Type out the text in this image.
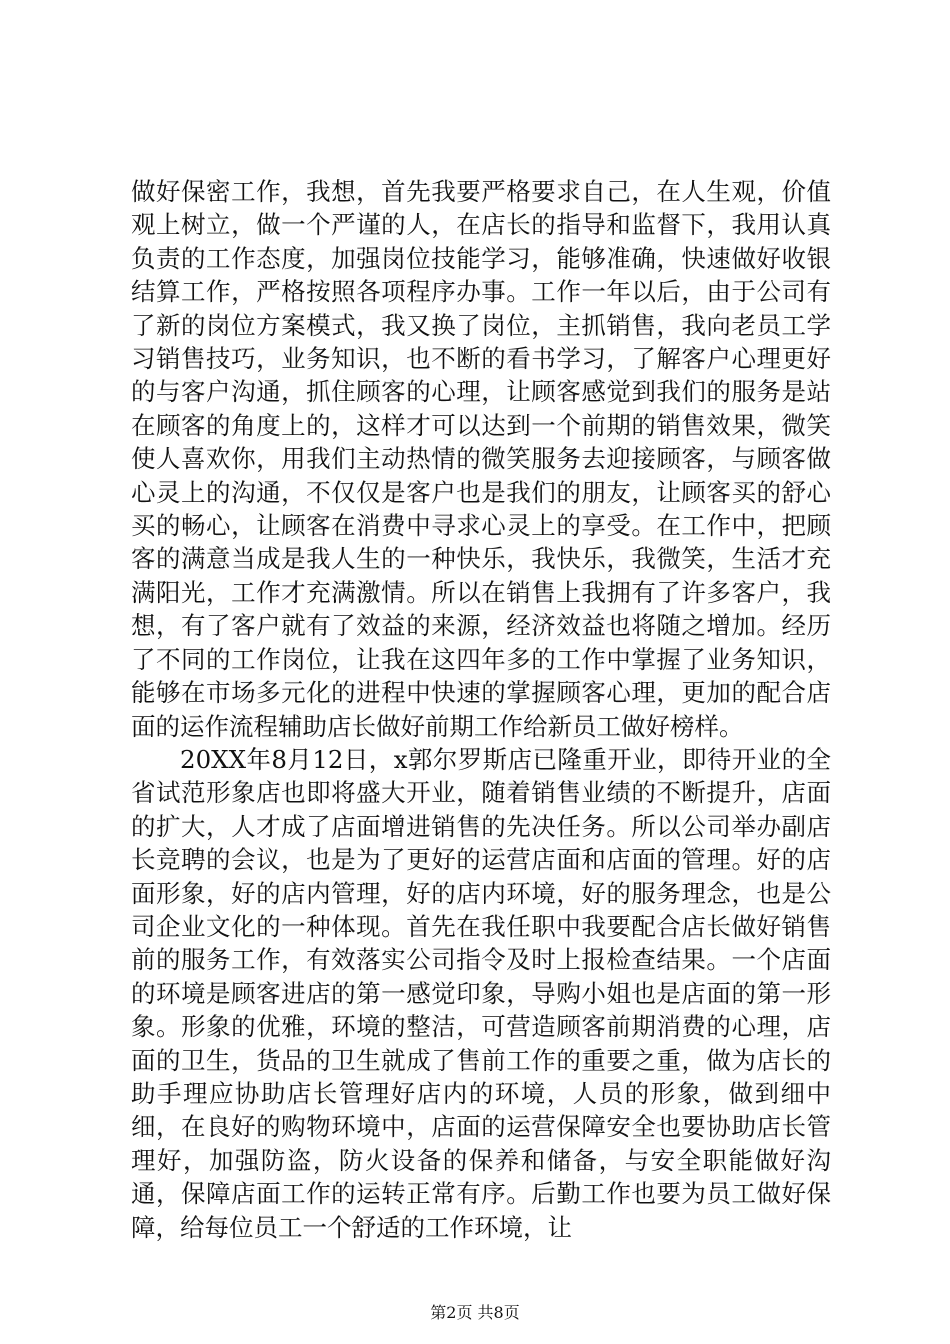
做好保密工作，我想，首先我要严格要求自己，在人生观，价值观上树立，做一个严谨的人，在店长的指导和监督下，我用认真负责的工作态度，加强岗位技能学习，能够准确，快速做好收银结算工作，严格按照各项程序办事。工作一年以后，由于公司有了新的岗位方案模式，我又换了岗位，主抓销售，我向老员工学习销售技巧，业务知识，也不断的看书学习，了解客户心理更好的与客户沟通，抓住顾客的心理，让顾客感觉到我们的服务是站在顾客的角度上的，这样才可以达到一个前期的销售效果，微笑使人喜欢你，用我们主动热情的微笑服务去迎接顾客，与顾客做心灵上的沟通，不仅仅是客户也是我们的朋友，让顾客买的舒心买的畅心，让顾客在消费中寻求心灵上的享受。在工作中，把顾客的满意当成是我人生的一种快乐，我快乐，我微笑，生活才充满阳光，工作才充满激情。所以在销售上我拥有了许多客户，我想，有了客户就有了效益的来源，经济效益也将随之增加。经历了不同的工作岗位，让我在这四年多的工作中掌握了业务知识，能够在市场多元化的进程中快速的掌握顾客心理，更加的配合店面的运作流程辅助店长做好前期工作给新员工做好榜样。

20XX年8月12日，x郭尔罗斯店已隆重开业，即待开业的全省试范形象店也即将盛大开业，随着销售业绩的不断提升，店面的扩大，人才成了店面增进销售的先决任务。所以公司举办副店长竞聘的会议，也是为了更好的运营店面和店面的管理。好的店面形象，好的店内管理，好的店内环境，好的服务理念，也是公司企业文化的一种体现。首先在我任职中我要配合店长做好销售前的服务工作，有效落实公司指令及时上报检查结果。一个店面的环境是顾客进店的第一感觉印象，导购小姐也是店面的第一形象。形象的优雅，环境的整洁，可营造顾客前期消费的心理，店面的卫生，货品的卫生就成了售前工作的重要之重，做为店长的助手理应协助店长管理好店内的环境，人员的形象，做到细中细，在良好的购物环境中，店面的运营保障安全也要协助店长管理好，加强防盗，防火设备的保养和储备，与安全职能做好沟通，保障店面工作的运转正常有序。后勤工作也要为员工做好保障，给每位员工一个舒适的工作环境，让

第2页 共8页
